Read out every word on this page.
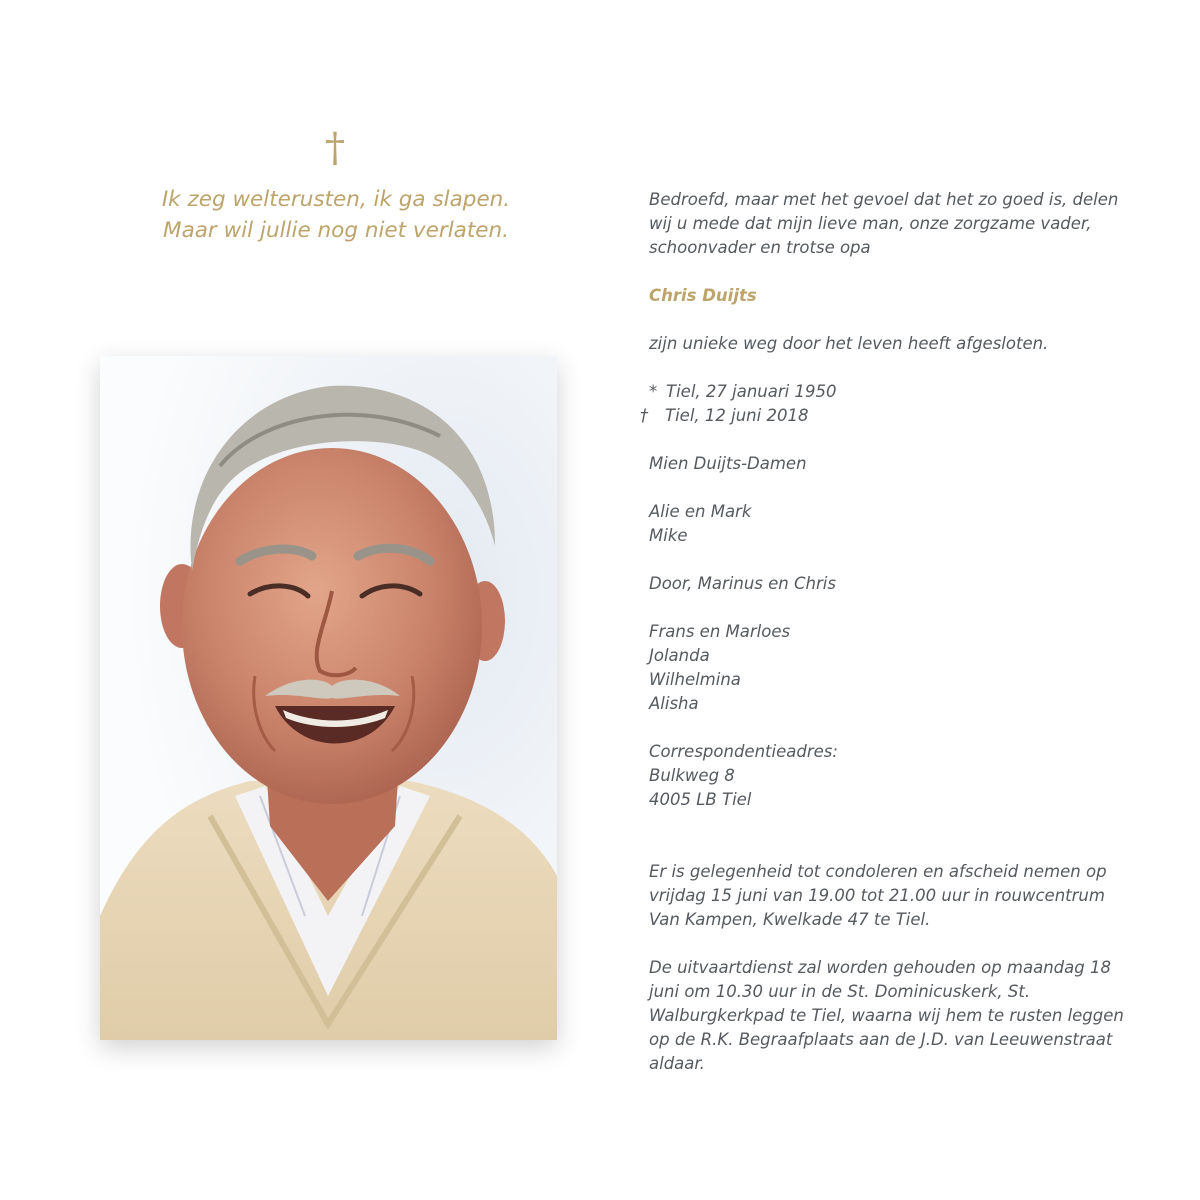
†
Ik zeg welterusten, ik ga slapen.
Maar wil jullie nog niet verlaten.
Bedroefd, maar met het gevoel dat het zo goed is, delen
wij u mede dat mijn lieve man, onze zorgzame vader,
schoonvader en trotse opa
Chris Duijts
zijn unieke weg door het leven heeft afgesloten.
* Tiel, 27 januari 1950
† Tiel, 12 juni 2018
Mien Duijts-Damen
Alie en Mark
Mike
Door, Marinus en Chris
Frans en Marloes
Jolanda
Wilhelmina
Alisha
Correspondentieadres:
Bulkweg 8
4005 LB Tiel
Er is gelegenheid tot condoleren en afscheid nemen op
vrijdag 15 juni van 19.00 tot 21.00 uur in rouwcentrum
Van Kampen, Kwelkade 47 te Tiel.
De uitvaartdienst zal worden gehouden op maandag 18
juni om 10.30 uur in de St. Dominicuskerk, St.
Walburgkerkpad te Tiel, waarna wij hem te rusten leggen
op de R.K. Begraafplaats aan de J.D. van Leeuwenstraat
aldaar.
